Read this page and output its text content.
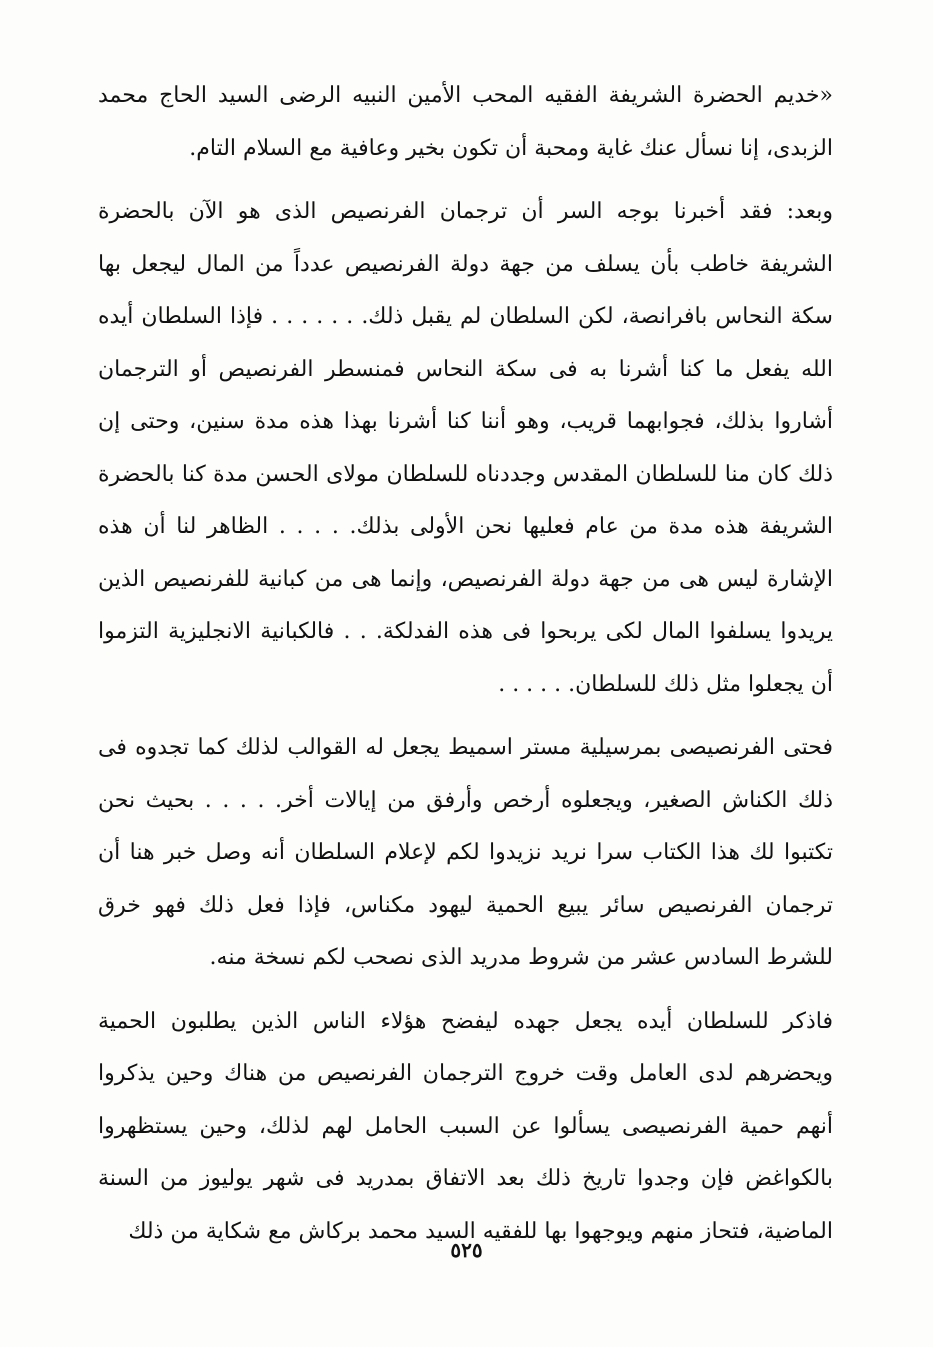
«خديم الحضرة الشريفة الفقيه المحب الأمين النبيه الرضى السيد الحاج محمد الزبدى، إنا نسأل عنك غاية ومحبة أن تكون بخير وعافية مع السلام التام.

وبعد: فقد أخبرنا بوجه السر أن ترجمان الفرنصيص الذى هو الآن بالحضرة الشريفة خاطب بأن يسلف من جهة دولة الفرنصيص عدداً من المال ليجعل بها سكة النحاس بافرانصة، لكن السلطان لم يقبل ذلك. . . . . . . فإذا السلطان أيده الله يفعل ما كنا أشرنا به فى سكة النحاس فمنسطر الفرنصيص أو الترجمان أشاروا بذلك، فجوابهما قريب، وهو أننا كنا أشرنا بهذا هذه مدة سنين، وحتى إن ذلك كان منا للسلطان المقدس وجددناه للسلطان مولاى الحسن مدة كنا بالحضرة الشريفة هذه مدة من عام فعليها نحن الأولى بذلك. . . . . الظاهر لنا أن هذه الإشارة ليس هى من جهة دولة الفرنصيص، وإنما هى من كبانية للفرنصيص الذين يريدوا يسلفوا المال لكى يربحوا فى هذه الفدلكة. . . فالكبانية الانجليزية التزموا أن يجعلوا مثل ذلك للسلطان. . . . . .

فحتى الفرنصيصى بمرسيلية مستر اسميط يجعل له القوالب لذلك كما تجدوه فى ذلك الكناش الصغير، ويجعلوه أرخص وأرفق من إيالات أخر. . . . . بحيث نحن تكتبوا لك هذا الكتاب سرا نريد نزيدوا لكم لإعلام السلطان أنه وصل خبر هنا أن ترجمان الفرنصيص سائر يبيع الحمية ليهود مكناس، فإذا فعل ذلك فهو خرق للشرط السادس عشر من شروط مدريد الذى نصحب لكم نسخة منه.

فاذكر للسلطان أيده يجعل جهده ليفضح هؤلاء الناس الذين يطلبون الحمية ويحضرهم لدى العامل وقت خروج الترجمان الفرنصيص من هناك وحين يذكروا أنهم حمية الفرنصيصى يسألوا عن السبب الحامل لهم لذلك، وحين يستظهروا بالكواغض فإن وجدوا تاريخ ذلك بعد الاتفاق بمدريد فى شهر يوليوز من السنة الماضية، فتحاز منهم ويوجهوا بها للفقيه السيد محمد بركاش مع شكاية من ذلك

٥٢٥
